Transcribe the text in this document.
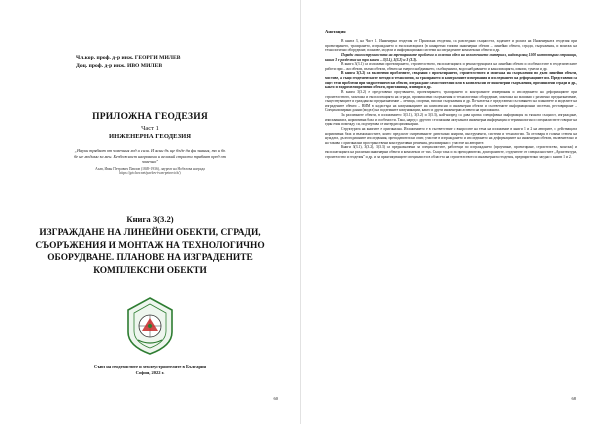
Чл.кор. проф. д-р инж. ГЕОРГИ МИЛЕВ
Доц. проф. д-р инж. ИВО МИЛЕВ
ПРИЛОЖНА ГЕОДЕЗИЯ
Част 1
ИНЖЕНЕРНА ГЕОДЕЗИЯ
„Науки трябват от човечния ход и сили. И ясни бъ ще бъде дя фи знания, то и бъ бе не мъдими за мен. Безбожност направени и великий страсти трябват пред от човечно"
Ахав, Иван Петрович Павлов (1849-1936), лауреат на Нобелова награда
https://grichov.net/pavlov-ivan-petrovich/)
Книга 3(3.2)
ИЗГРАЖДАНЕ НА ЛИНЕЙНИ ОБЕКТИ, СГРАДИ, СЪОРЪЖЕНИЯ И МОНТАЖ НА ТЕХНОЛОГИЧНО ОБОРУДВАНЕ. ПЛАНОВЕ НА ИЗГРАДЕНИТЕ КОМПЛЕКСНИ ОБЕКТИ
Съюз на геодезистите и землеустроителите в България
София, 2022 г.
60
Анотация

В книга 3, на Част 1. Инженерна геодезия от Приложна геодезия, са разгледани същността, задачите и ролята на Инженерната геодезия при проектирането, трасирането, изграждането и експлоатацията (в конкретни типови инженерни обекти – линейни обекти, сгради, съоръжения, и монтаж на технологично оборудване, планове, модели и информационни системи на изградените комплексни обекти и др.

Поради многострумността на третираните проблеми и големия обем на изложението материал, надхвърлящ 1500 компютърни страници, книга 3 е разделена на три книги – 3(3.1), 3(3.2) и 3 (3.3).

В книга 3(3.1) са изложени проектирането, строителството, експлоатацията и реконструкцията на линейни обекти и особеностите в геодезическите работи при – жп обекти, пътни обекти, обекти на енергоснабдяването, съобщенията, водоснабдяването и канализацията, изкопи, тунели и др.

В книга 3(3.2) са включени проблемите, свързани с проектирането, строителството и монтажа на съоръжения по дъги линейни обекти, мостове, а също геодезическите методи и технологии, за трасирането и контролните измервания и изследването на деформациите им. Представени са още: тези проблеми при хидротехнически обекти, изграждане самостоятелни или в комплексни от инженерни съоръжения, промишлени сгради и др., както и хидромелиоративни обекти, пристанища, язовири и др.

В книга 3(3.2) е представено проучването, проектирането, трасирането и контролните измервания и изследването на деформациите при строителството, монтажа и експлоатацията на сгради, промишлени съоръжения и технологично оборудване, монтажа на машини с различно предназначение, съществуващите и гражданско предназначение – летища, спортни, високи съоръжения и др. По-нататък е представено съставянето на плановете и моделите на изградените обекти – ВИМ в кадастъра на комуникациите на комплексни и инженерни обекти и съответните информационни системи, реставриране – Специализирани данни (модел) на подземните комуникации, както и други инженерни аспекти на приложната.

За различните обекти, в изложението 3(3.1), 3(3.2) и 3(3.3), най-напред са дава кратка специфична информация за тяхната същност, изграждане, изискванията, нормативна база и особености. Така, наред с другото се изяснява актуалната инженерна информация и терминология и специалистите говорят на един език помежду си, подчертава се интердисциплинарни.

Структурата на книгите е оригинална. Изложението е в съответствие с въпросите на тема на изложение в книги 1 и 2 на авторите, с действащата нормативна база и възможностите, които предлагат съвременните дигитални апарати, инструменти, системи и технологии. Тя отговаря в голяма степен на нуждата, дългогодишните изследвания, преподавателски опит, участие в изграждането и изследването на деформациите на инженерни обекти, включително и на такива с оригинални пространствени конструктивни решения, реализирани с участие на авторите.

Книги 3(3.1), 3(3.2), 3(3.3) са предназначени за специалистите, работещи по изграждането (проучване, проектиране, строителство, монтаж) и експлоатацията на различни инженерни обекти и комплекси от тях. Също така и за преподаватели, докторантите, студентите от специалностите „Архитектура, строителство и геодезия" и др. и за практикуващите специалисти в областта на строителството и инженерната геодезия, предварително заедно с книги 1 и 2.

68
